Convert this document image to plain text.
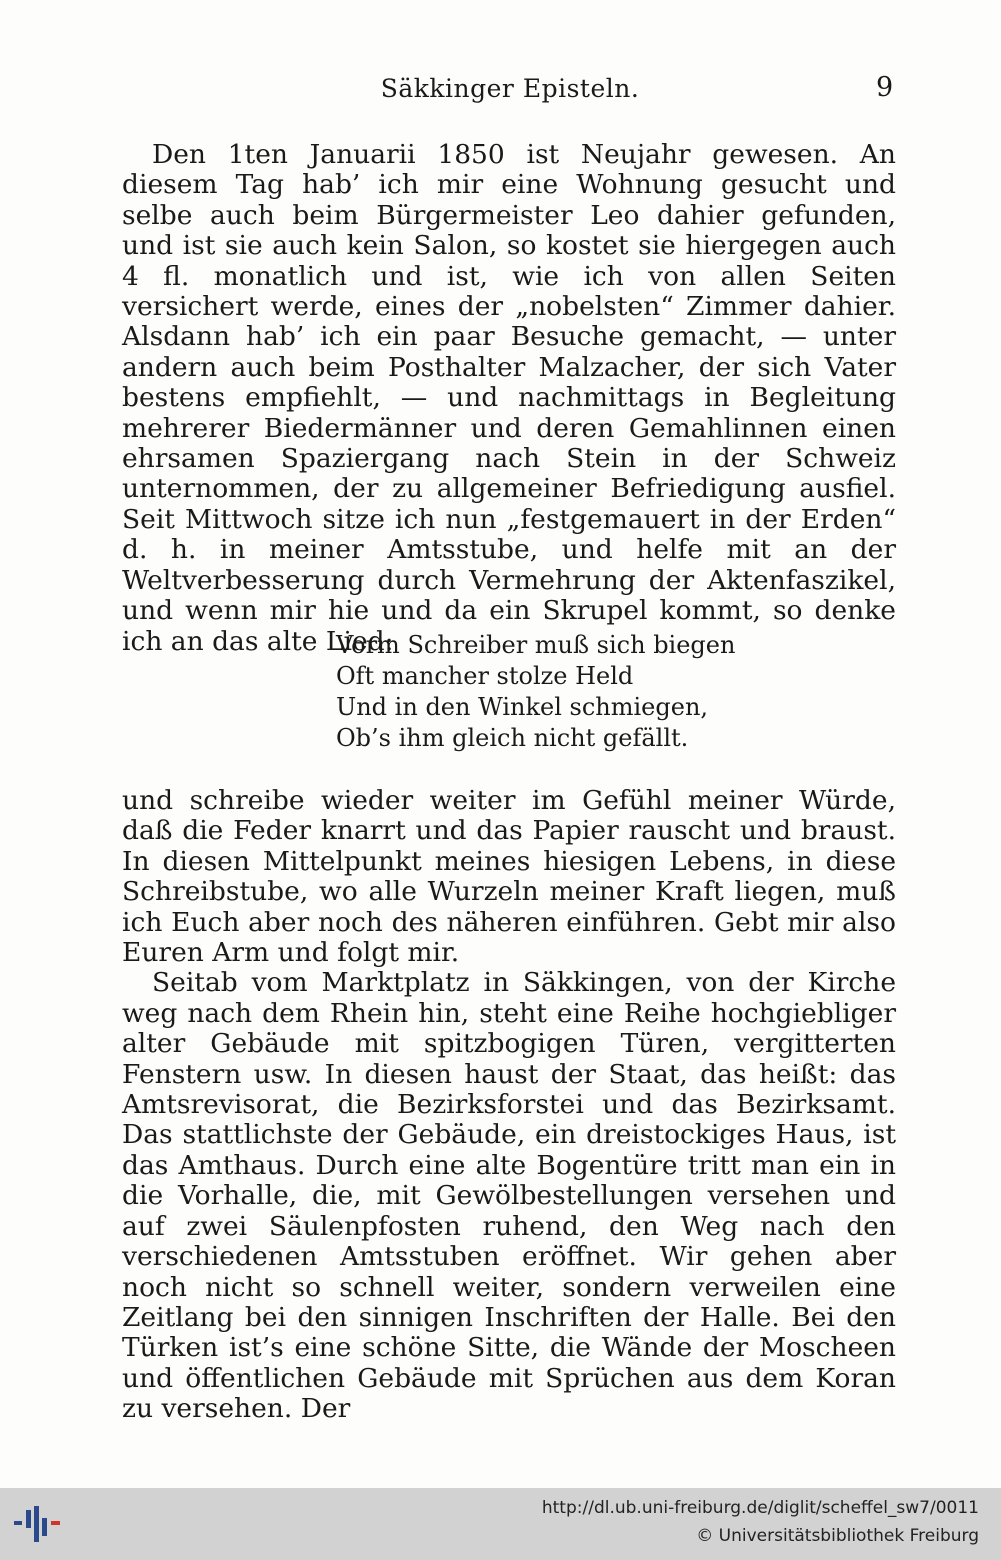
Säkkinger Episteln.	9

Den 1ten Januarii 1850 ist Neujahr gewesen. An diesem Tag hab’ ich mir eine Wohnung gesucht und selbe auch beim Bürgermeister Leo dahier gefunden, und ist sie auch kein Salon, so kostet sie hiergegen auch 4 fl. monatlich und ist, wie ich von allen Seiten versichert werde, eines der „nobelsten“ Zimmer dahier. Alsdann hab’ ich ein paar Besuche gemacht, — unter andern auch beim Posthalter Malzacher, der sich Vater bestens empfiehlt, — und nachmittags in Begleitung mehrerer Biedermänner und deren Gemahlinnen einen ehrsamen Spaziergang nach Stein in der Schweiz unternommen, der zu allgemeiner Befriedigung ausfiel. Seit Mittwoch sitze ich nun „festgemauert in der Erden“ d. h. in meiner Amtsstube, und helfe mit an der Weltverbesserung durch Vermehrung der Aktenfaszikel, und wenn mir hie und da ein Skrupel kommt, so denke ich an das alte Lied:

Vorm Schreiber muß sich biegen
Oft mancher stolze Held
Und in den Winkel schmiegen,
Ob’s ihm gleich nicht gefällt.

und schreibe wieder weiter im Gefühl meiner Würde, daß die Feder knarrt und das Papier rauscht und braust. In diesen Mittelpunkt meines hiesigen Lebens, in diese Schreibstube, wo alle Wurzeln meiner Kraft liegen, muß ich Euch aber noch des näheren einführen. Gebt mir also Euren Arm und folgt mir.

Seitab vom Marktplatz in Säkkingen, von der Kirche weg nach dem Rhein hin, steht eine Reihe hochgiebliger alter Gebäude mit spitzbogigen Türen, vergitterten Fenstern usw. In diesen haust der Staat, das heißt: das Amtsrevisorat, die Bezirksforstei und das Bezirksamt. Das stattlichste der Gebäude, ein dreistockiges Haus, ist das Amthaus. Durch eine alte Bogentüre tritt man ein in die Vorhalle, die, mit Gewölbestellungen versehen und auf zwei Säulenpfosten ruhend, den Weg nach den verschiedenen Amtsstuben eröffnet. Wir gehen aber noch nicht so schnell weiter, sondern verweilen eine Zeitlang bei den sinnigen Inschriften der Halle. Bei den Türken ist’s eine schöne Sitte, die Wände der Moscheen und öffentlichen Gebäude mit Sprüchen aus dem Koran zu versehen. Der

http://dl.ub.uni-freiburg.de/diglit/scheffel_sw7/0011
© Universitätsbibliothek Freiburg
